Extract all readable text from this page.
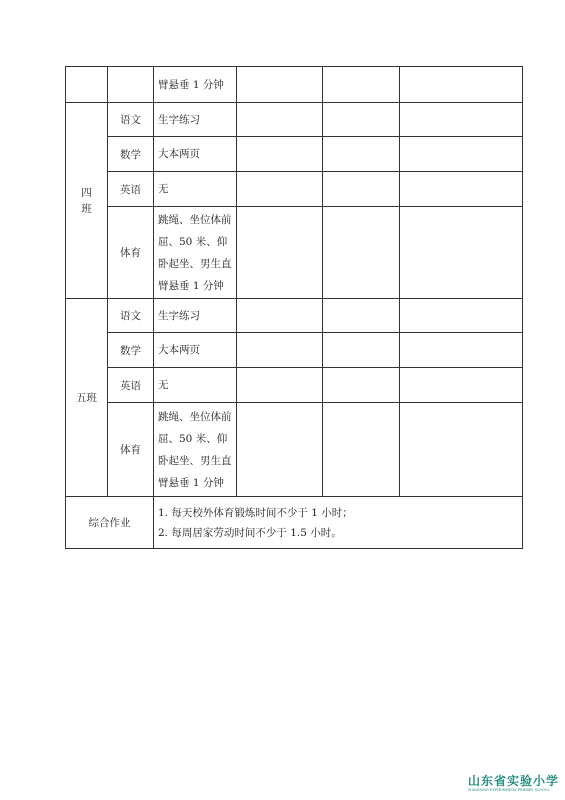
		臂悬垂 1 分钟			

四
班	语文	生字练习			
	数学	大本两页			
	英语	无			
	体育	跳绳、坐位体前
屈、50 米、仰
卧起坐、男生直
臂悬垂 1 分钟			

五班	语文	生字练习			
	数学	大本两页			
	英语	无			
	体育	跳绳、坐位体前
屈、50 米、仰
卧起坐、男生直
臂悬垂 1 分钟			

综合作业		1. 每天校外体育锻炼时间不少于 1 小时；
2. 每周居家劳动时间不少于 1.5 小时。			
山东省实验小学
SHANDONG EXPERIMENTAL PRIMARY SCHOOL
